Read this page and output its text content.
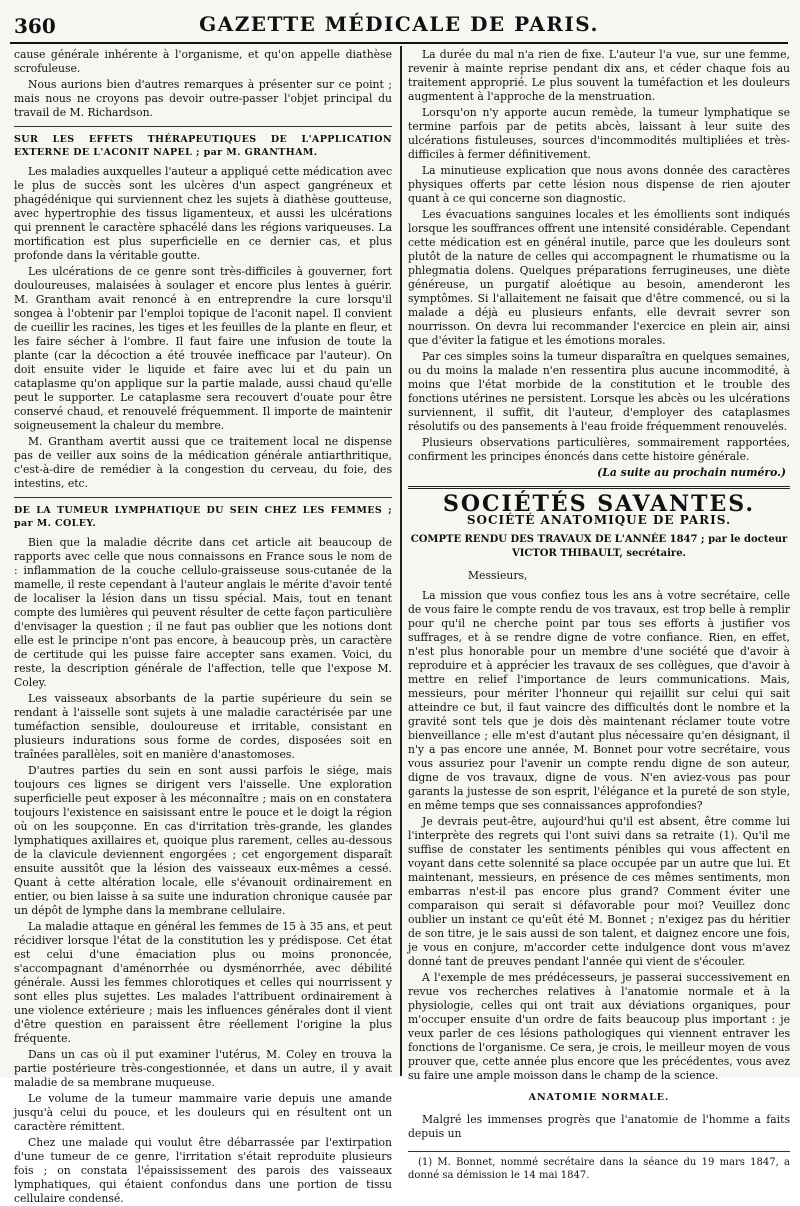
360	GAZETTE MÉDICALE DE PARIS.

cause générale inhérente à l'organisme, et qu'on appelle diathèse scrofuleuse.

Nous aurions bien d'autres remarques à présenter sur ce point ; mais nous ne croyons pas devoir outre-passer l'objet principal du travail de M. Richardson.

SUR LES EFFETS THÉRAPEUTIQUES DE L'APPLICATION EXTERNE DE L'ACONIT NAPEL ; par M. GRANTHAM.

Les maladies auxquelles l'auteur a appliqué cette médication avec le plus de succès sont les ulcères d'un aspect gangréneux et phagédénique qui surviennent chez les sujets à diathèse goutteuse, avec hypertrophie des tissus ligamenteux, et aussi les ulcérations qui prennent le caractère sphacélé dans les régions variqueuses. La mortification est plus superficielle en ce dernier cas, et plus profonde dans la véritable goutte.

Les ulcérations de ce genre sont très-difficiles à gouverner, fort douloureuses, malaisées à soulager et encore plus lentes à guérir. M. Grantham avait renoncé à en entreprendre la cure lorsqu'il songea à l'obtenir par l'emploi topique de l'aconit napel. Il convient de cueillir les racines, les tiges et les feuilles de la plante en fleur, et les faire sécher à l'ombre. Il faut faire une infusion de toute la plante (car la décoction a été trouvée inefficace par l'auteur). On doit ensuite vider le liquide et faire avec lui et du pain un cataplasme qu'on applique sur la partie malade, aussi chaud qu'elle peut le supporter. Le cataplasme sera recouvert d'ouate pour être conservé chaud, et renouvelé fréquemment. Il importe de maintenir soigneusement la chaleur du membre.

M. Grantham avertit aussi que ce traitement local ne dispense pas de veiller aux soins de la médication générale antiarthritique, c'est-à-dire de remédier à la congestion du cerveau, du foie, des intestins, etc.

DE LA TUMEUR LYMPHATIQUE DU SEIN CHEZ LES FEMMES ; par M. COLEY.

Bien que la maladie décrite dans cet article ait beaucoup de rapports avec celle que nous connaissons en France sous le nom de : inflammation de la couche cellulo-graisseuse sous-cutanée de la mamelle, il reste cependant à l'auteur anglais le mérite d'avoir tenté de localiser la lésion dans un tissu spécial. Mais, tout en tenant compte des lumières qui peuvent résulter de cette façon particulière d'envisager la question ; il ne faut pas oublier que les notions dont elle est le principe n'ont pas encore, à beaucoup près, un caractère de certitude qui les puisse faire accepter sans examen. Voici, du reste, la description générale de l'affection, telle que l'expose M. Coley.

Les vaisseaux absorbants de la partie supérieure du sein se rendant à l'aisselle sont sujets à une maladie caractérisée par une tuméfaction sensible, douloureuse et irritable, consistant en plusieurs indurations sous forme de cordes, disposées soit en traînées parallèles, soit en manière d'anastomoses.

D'autres parties du sein en sont aussi parfois le siége, mais toujours ces lignes se dirigent vers l'aisselle. Une exploration superficielle peut exposer à les méconnaître ; mais on en constatera toujours l'existence en saisissant entre le pouce et le doigt la région où on les soupçonne. En cas d'irritation très-grande, les glandes lymphatiques axillaires et, quoique plus rarement, celles au-dessous de la clavicule deviennent engorgées ; cet engorgement disparaît ensuite aussitôt que la lésion des vaisseaux eux-mêmes a cessé. Quant à cette altération locale, elle s'évanouit ordinairement en entier, ou bien laisse à sa suite une induration chronique causée par un dépôt de lymphe dans la membrane cellulaire.

La maladie attaque en général les femmes de 15 à 35 ans, et peut récidiver lorsque l'état de la constitution les y prédispose. Cet état est celui d'une émaciation plus ou moins prononcée, s'accompagnant d'aménorrhée ou dysménorrhée, avec débilité générale. Aussi les femmes chlorotiques et celles qui nourrissent y sont elles plus sujettes. Les malades l'attribuent ordinairement à une violence extérieure ; mais les influences générales dont il vient d'être question en paraissent être réellement l'origine la plus fréquente.

Dans un cas où il put examiner l'utérus, M. Coley en trouva la partie postérieure très-congestionnée, et dans un autre, il y avait maladie de sa membrane muqueuse.

Le volume de la tumeur mammaire varie depuis une amande jusqu'à celui du pouce, et les douleurs qui en résultent ont un caractère rémittent.

Chez une malade qui voulut être débarrassée par l'extirpation d'une tumeur de ce genre, l'irritation s'était reproduite plusieurs fois ; on constata l'épaississement des parois des vaisseaux lymphatiques, qui étaient confondus dans une portion de tissu cellulaire condensé.

La durée du mal n'a rien de fixe. L'auteur l'a vue, sur une femme, revenir à mainte reprise pendant dix ans, et céder chaque fois au traitement approprié. Le plus souvent la tuméfaction et les douleurs augmentent à l'approche de la menstruation.

Lorsqu'on n'y apporte aucun remède, la tumeur lymphatique se termine parfois par de petits abcès, laissant à leur suite des ulcérations fistuleuses, sources d'incommodités multipliées et très-difficiles à fermer définitivement.

La minutieuse explication que nous avons donnée des caractères physiques offerts par cette lésion nous dispense de rien ajouter quant à ce qui concerne son diagnostic.

Les évacuations sanguines locales et les émollients sont indiqués lorsque les souffrances offrent une intensité considérable. Cependant cette médication est en général inutile, parce que les douleurs sont plutôt de la nature de celles qui accompagnent le rhumatisme ou la phlegmatia dolens. Quelques préparations ferrugineuses, une diète généreuse, un purgatif aloétique au besoin, amenderont les symptômes. Si l'allaitement ne faisait que d'être commencé, ou si la malade a déjà eu plusieurs enfants, elle devrait sevrer son nourrisson. On devra lui recommander l'exercice en plein air, ainsi que d'éviter la fatigue et les émotions morales.

Par ces simples soins la tumeur disparaîtra en quelques semaines, ou du moins la malade n'en ressentira plus aucune incommodité, à moins que l'état morbide de la constitution et le trouble des fonctions utérines ne persistent. Lorsque les abcès ou les ulcérations surviennent, il suffit, dit l'auteur, d'employer des cataplasmes résolutifs ou des pansements à l'eau froide fréquemment renouvelés.

Plusieurs observations particulières, sommairement rapportées, confirment les principes énoncés dans cette histoire générale.

(La suite au prochain numéro.)
SOCIÉTÉS SAVANTES.
SOCIÉTÉ ANATOMIQUE DE PARIS.
COMPTE RENDU DES TRAVAUX DE L'ANNÉE 1847 ; par le docteur VICTOR THIBAULT, secrétaire.

Messieurs,

La mission que vous confiez tous les ans à votre secrétaire, celle de vous faire le compte rendu de vos travaux, est trop belle à remplir pour qu'il ne cherche point par tous ses efforts à justifier vos suffrages, et à se rendre digne de votre confiance. Rien, en effet, n'est plus honorable pour un membre d'une société que d'avoir à reproduire et à apprécier les travaux de ses collègues, que d'avoir à mettre en relief l'importance de leurs communications. Mais, messieurs, pour mériter l'honneur qui rejaillit sur celui qui sait atteindre ce but, il faut vaincre des difficultés dont le nombre et la gravité sont tels que je dois dès maintenant réclamer toute votre bienveillance ; elle m'est d'autant plus nécessaire qu'en désignant, il n'y a pas encore une année, M. Bonnet pour votre secrétaire, vous vous assuriez pour l'avenir un compte rendu digne de son auteur, digne de vos travaux, digne de vous. N'en aviez-vous pas pour garants la justesse de son esprit, l'élégance et la pureté de son style, en même temps que ses connaissances approfondies?

Je devrais peut-être, aujourd'hui qu'il est absent, être comme lui l'interprète des regrets qui l'ont suivi dans sa retraite (1). Qu'il me suffise de constater les sentiments pénibles qui vous affectent en voyant dans cette solennité sa place occupée par un autre que lui. Et maintenant, messieurs, en présence de ces mêmes sentiments, mon embarras n'est-il pas encore plus grand? Comment éviter une comparaison qui serait si défavorable pour moi? Veuillez donc oublier un instant ce qu'eût été M. Bonnet ; n'exigez pas du héritier de son titre, je le sais aussi de son talent, et daignez encore une fois, je vous en conjure, m'accorder cette indulgence dont vous m'avez donné tant de preuves pendant l'année qui vient de s'écouler.

A l'exemple de mes prédécesseurs, je passerai successivement en revue vos recherches relatives à l'anatomie normale et à la physiologie, celles qui ont trait aux déviations organiques, pour m'occuper ensuite d'un ordre de faits beaucoup plus important : je veux parler de ces lésions pathologiques qui viennent entraver les fonctions de l'organisme. Ce sera, je crois, le meilleur moyen de vous prouver que, cette année plus encore que les précédentes, vous avez su faire une ample moisson dans le champ de la science.

ANATOMIE NORMALE.

Malgré les immenses progrès que l'anatomie de l'homme a faits depuis un

(1) M. Bonnet, nommé secrétaire dans la séance du 19 mars 1847, a donné sa démission le 14 mai 1847.
